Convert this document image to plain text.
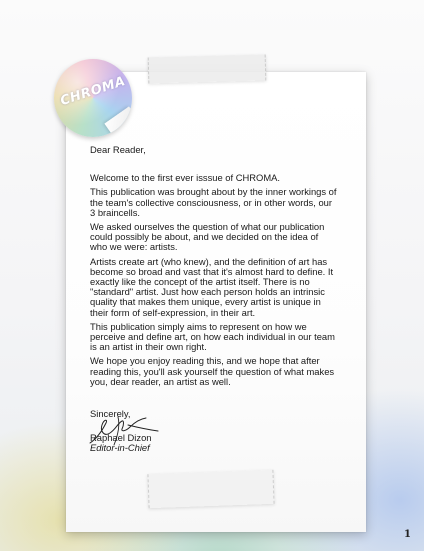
CHROMA

Dear Reader,

Welcome to the first ever isssue of CHROMA.

This publication was brought about by the inner workings of the team's collective consciousness, or in other words, our 3 braincells.

We asked ourselves the question of what our publication could possibly be about, and we decided on the idea of who we were: artists.

Artists create art (who knew), and the definition of art has become so broad and vast that it's almost hard to define. It exactly like the concept of the artist itself. There is no "standard" artist. Just how each person holds an intrinsic quality that makes them unique, every artist is unique in their form of self-expression, in their art.

This publication simply aims to represent on how we perceive and define art, on how each individual in our team is an artist in their own right.

We hope you enjoy reading this, and we hope that after reading this, you'll ask yourself the question of what makes you, dear reader, an artist as well.

Sincerely,

Raphael Dizon

Editor-in-Chief

1
